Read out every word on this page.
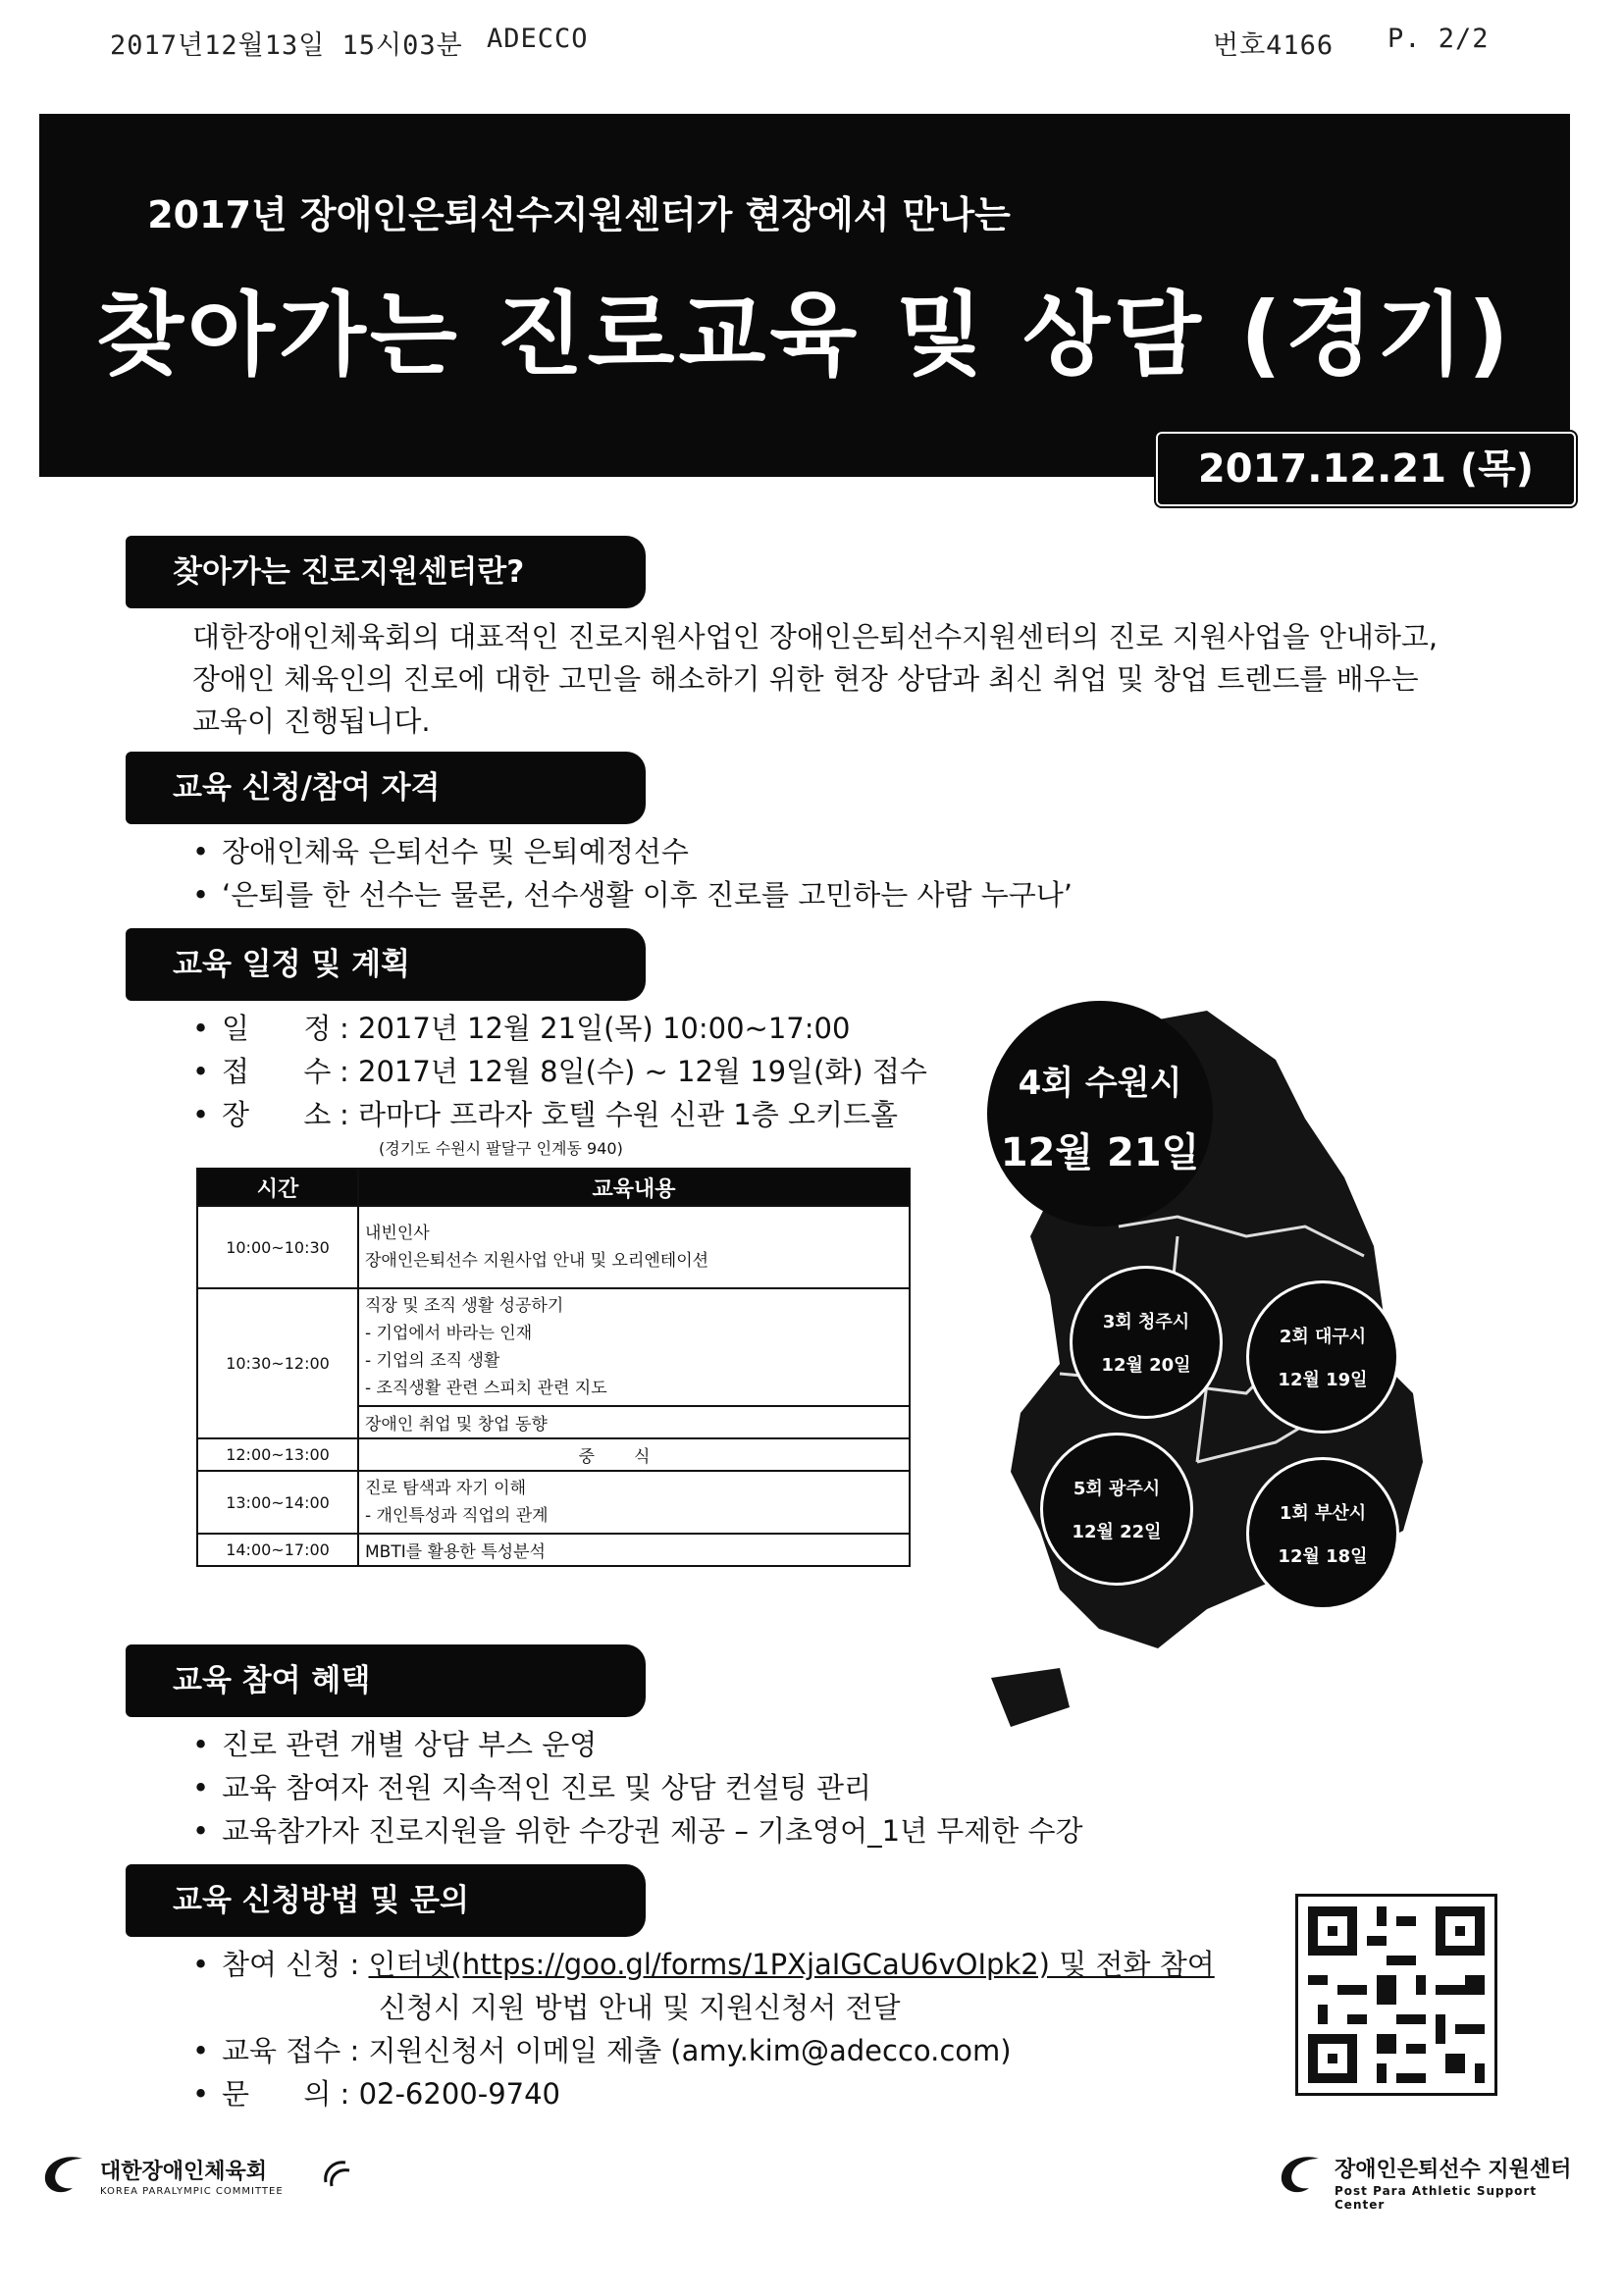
2017년12월13일 15시03분 ADECCO	번호4166 P. 2/2
2017년 장애인은퇴선수지원센터가 현장에서 만나는
찾아가는 진로교육 및 상담 (경기)
2017.12.21 (목)
찾아가는 진로지원센터란?
대한장애인체육회의 대표적인 진로지원사업인 장애인은퇴선수지원센터의 진로 지원사업을 안내하고,
장애인 체육인의 진로에 대한 고민을 해소하기 위한 현장 상담과 최신 취업 및 창업 트렌드를 배우는
교육이 진행됩니다.
교육 신청/참여 자격
• 장애인체육 은퇴선수 및 은퇴예정선수
• ‘은퇴를 한 선수는 물론, 선수생활 이후 진로를 고민하는 사람 누구나’
교육 일정 및 계획
• 일      정 : 2017년 12월 21일(목) 10:00~17:00
• 접      수 : 2017년 12월 8일(수) ~ 12월 19일(화) 접수
• 장      소 : 라마다 프라자 호텔 수원 신관 1층 오키드홀
(경기도 수원시 팔달구 인계동 940)
시간	교육내용
10:00~10:30	내빈인사
장애인은퇴선수 지원사업 안내 및 오리엔테이션

10:30~12:00	직장 및 조직 생활 성공하기
- 기업에서 바라는 인재
- 기업의 조직 생활
- 조직생활 관련 스피치 관련 지도

	장애인 취업 및 창업 동향
12:00~13:00	중식
13:00~14:00	진로 탐색과 자기 이해
- 개인특성과 직업의 관계

14:00~17:00	MBTI를 활용한 특성분석
4회 수원시
12월 21일
3회 청주시
12월 20일
2회 대구시
12월 19일
5회 광주시
12월 22일
1회 부산시
12월 18일
교육 참여 혜택
• 진로 관련 개별 상담 부스 운영
• 교육 참여자 전원 지속적인 진로 및 상담 컨설팅 관리
• 교육참가자 진로지원을 위한 수강권 제공 – 기초영어_1년 무제한 수강
교육 신청방법 및 문의
• 참여 신청 : 인터넷(https://goo.gl/forms/1PXjaIGCaU6vOIpk2) 및 전화 참여
신청시 지원 방법 안내 및 지원신청서 전달
• 교육 접수 : 지원신청서 이메일 제출 (amy.kim@adecco.com)
• 문      의 : 02-6200-9740
대한장애인체육회
KOREA PARALYMPIC COMMITTEE
장애인은퇴선수 지원센터
Post Para Athletic Support Center
